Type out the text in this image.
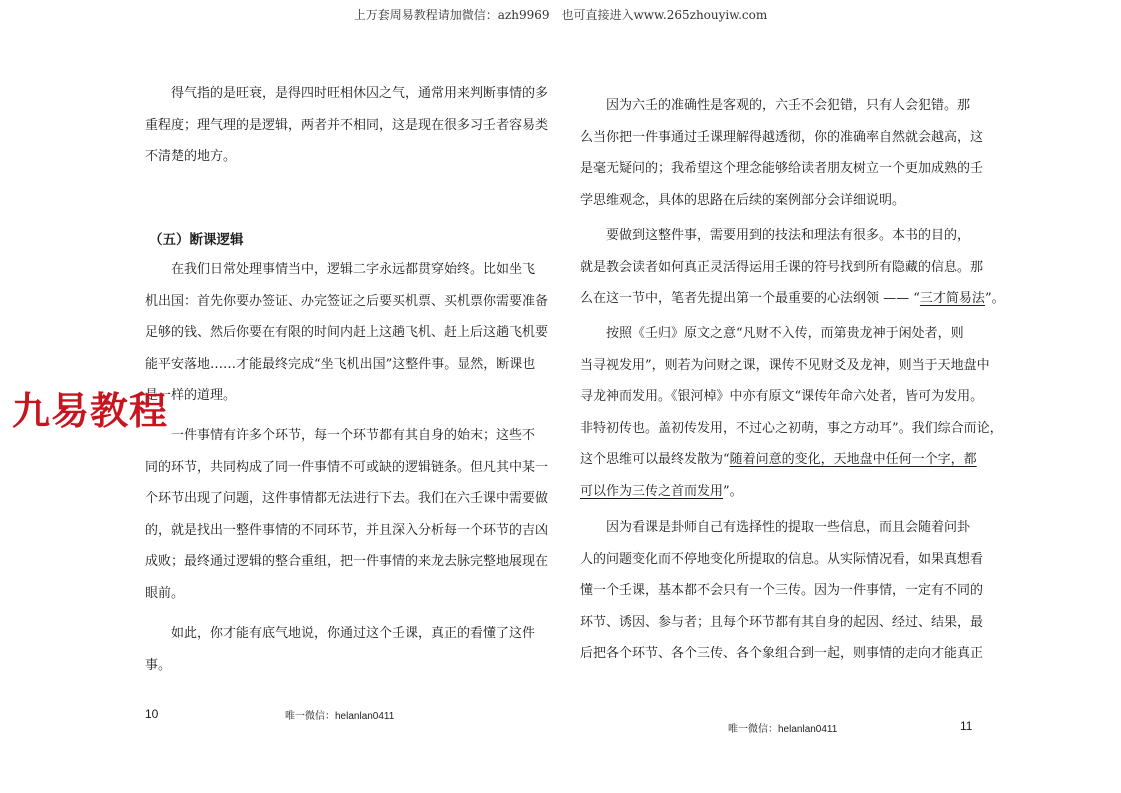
上万套周易教程请加微信：azh9969　也可直接进入www.265zhouyiw.com
得气指的是旺衰，是得四时旺相休囚之气，通常用来判断事情的多
重程度；理气理的是逻辑，两者并不相同，这是现在很多习壬者容易类
不清楚的地方。
（五）断课逻辑
在我们日常处理事情当中，逻辑二字永远都贯穿始终。比如坐飞
机出国：首先你要办签证、办完签证之后要买机票、买机票你需要准备
足够的钱、然后你要在有限的时间内赶上这趟飞机、赶上后这趟飞机要
能平安落地……才能最终完成“坐飞机出国”这整件事。显然，断课也
是一样的道理。
一件事情有许多个环节，每一个环节都有其自身的始末；这些不
同的环节，共同构成了同一件事情不可或缺的逻辑链条。但凡其中某一
个环节出现了问题，这件事情都无法进行下去。我们在六壬课中需要做
的，就是找出一整件事情的不同环节，并且深入分析每一个环节的吉凶
成败；最终通过逻辑的整合重组，把一件事情的来龙去脉完整地展现在
眼前。
如此，你才能有底气地说，你通过这个壬课，真正的看懂了这件
事。
10	唯一微信：helanlan0411
因为六壬的准确性是客观的，六壬不会犯错，只有人会犯错。那
么当你把一件事通过壬课理解得越透彻，你的准确率自然就会越高，这
是毫无疑问的；我希望这个理念能够给读者朋友树立一个更加成熟的壬
学思维观念，具体的思路在后续的案例部分会详细说明。
要做到这整件事，需要用到的技法和理法有很多。本书的目的，
就是教会读者如何真正灵活得运用壬课的符号找到所有隐藏的信息。那
么在这一节中，笔者先提出第一个最重要的心法纲领 —— “三才简易法”。
按照《壬归》原文之意“凡财不入传，而第贵龙神于闲处者，则
当寻视发用”，则若为问财之课，课传不见财爻及龙神，则当于天地盘中
寻龙神而发用。《银河棹》中亦有原文“课传年命六处者，皆可为发用。
非特初传也。盖初传发用，不过心之初萌，事之方动耳”。我们综合而论，
这个思维可以最终发散为“随着问意的变化，天地盘中任何一个字，都
可以作为三传之首而发用”。
因为看课是卦师自己有选择性的提取一些信息，而且会随着问卦
人的问题变化而不停地变化所提取的信息。从实际情况看，如果真想看
懂一个壬课，基本都不会只有一个三传。因为一件事情，一定有不同的
环节、诱因、参与者；且每个环节都有其自身的起因、经过、结果，最
后把各个环节、各个三传、各个象组合到一起，则事情的走向才能真正
唯一微信：helanlan0411	11
九易教程
